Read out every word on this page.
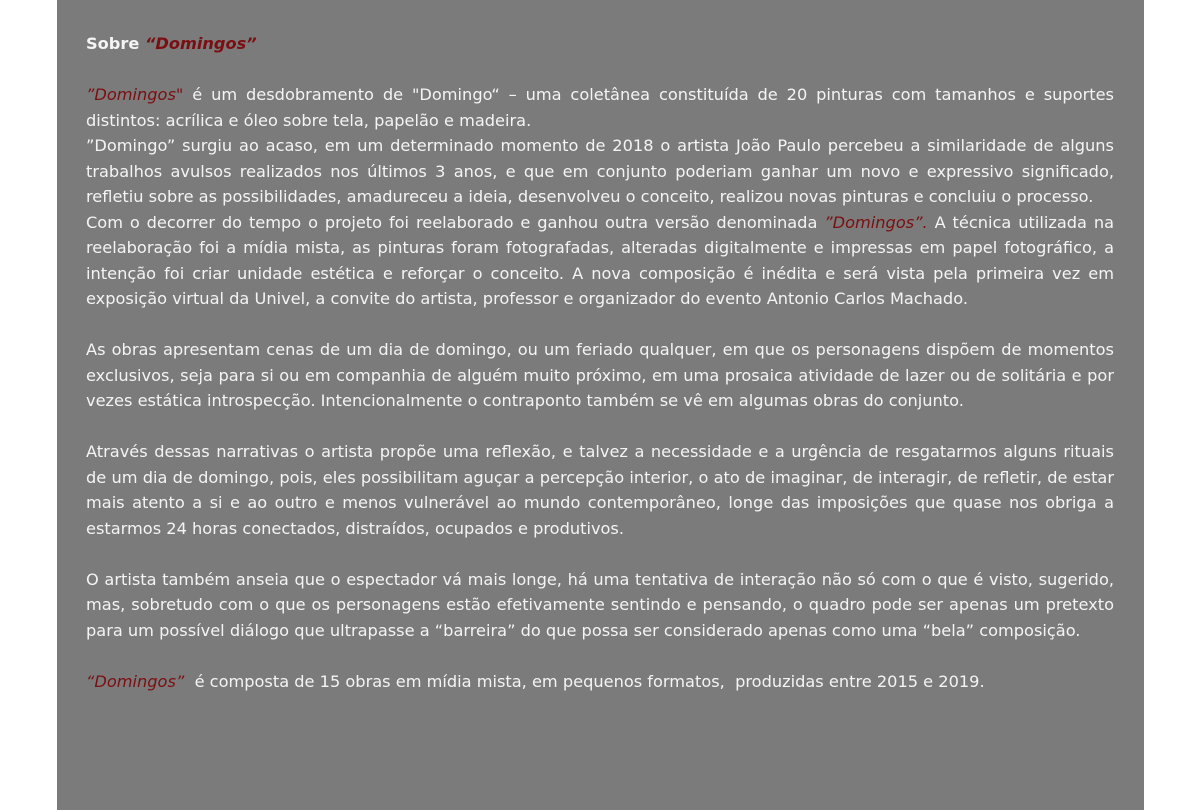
Sobre “Domingos”

”Domingos" é um desdobramento de "Domingo“ – uma coletânea constituída de 20 pinturas com tamanhos e suportes distintos: acrílica e óleo sobre tela, papelão e madeira.

”Domingo” surgiu ao acaso, em um determinado momento de 2018 o artista João Paulo percebeu a similaridade de alguns trabalhos avulsos realizados nos últimos 3 anos, e que em conjunto poderiam ganhar um novo e expressivo significado, refletiu sobre as possibilidades, amadureceu a ideia, desenvolveu o conceito, realizou novas pinturas e concluiu o processo.

Com o decorrer do tempo o projeto foi reelaborado e ganhou outra versão denominada ”Domingos”. A técnica utilizada na reelaboração foi a mídia mista, as pinturas foram fotografadas, alteradas digitalmente e impressas em papel fotográfico, a intenção foi criar unidade estética e reforçar o conceito. A nova composição é inédita e será vista pela primeira vez em exposição virtual da Univel, a convite do artista, professor e organizador do evento Antonio Carlos Machado.

As obras apresentam cenas de um dia de domingo, ou um feriado qualquer, em que os personagens dispõem de momentos exclusivos, seja para si ou em companhia de alguém muito próximo, em uma prosaica atividade de lazer ou de solitária e por vezes estática introspecção. Intencionalmente o contraponto também se vê em algumas obras do conjunto.

Através dessas narrativas o artista propõe uma reflexão, e talvez a necessidade e a urgência de resgatarmos alguns rituais de um dia de domingo, pois, eles possibilitam aguçar a percepção interior, o ato de imaginar, de interagir, de refletir, de estar mais atento a si e ao outro e menos vulnerável ao mundo contemporâneo, longe das imposições que quase nos obriga a estarmos 24 horas conectados, distraídos, ocupados e produtivos.

O artista também anseia que o espectador vá mais longe, há uma tentativa de interação não só com o que é visto, sugerido, mas, sobretudo com o que os personagens estão efetivamente sentindo e pensando, o quadro pode ser apenas um pretexto para um possível diálogo que ultrapasse a “barreira” do que possa ser considerado apenas como uma “bela” composição.

“Domingos”  é composta de 15 obras em mídia mista, em pequenos formatos,  produzidas entre 2015 e 2019.
